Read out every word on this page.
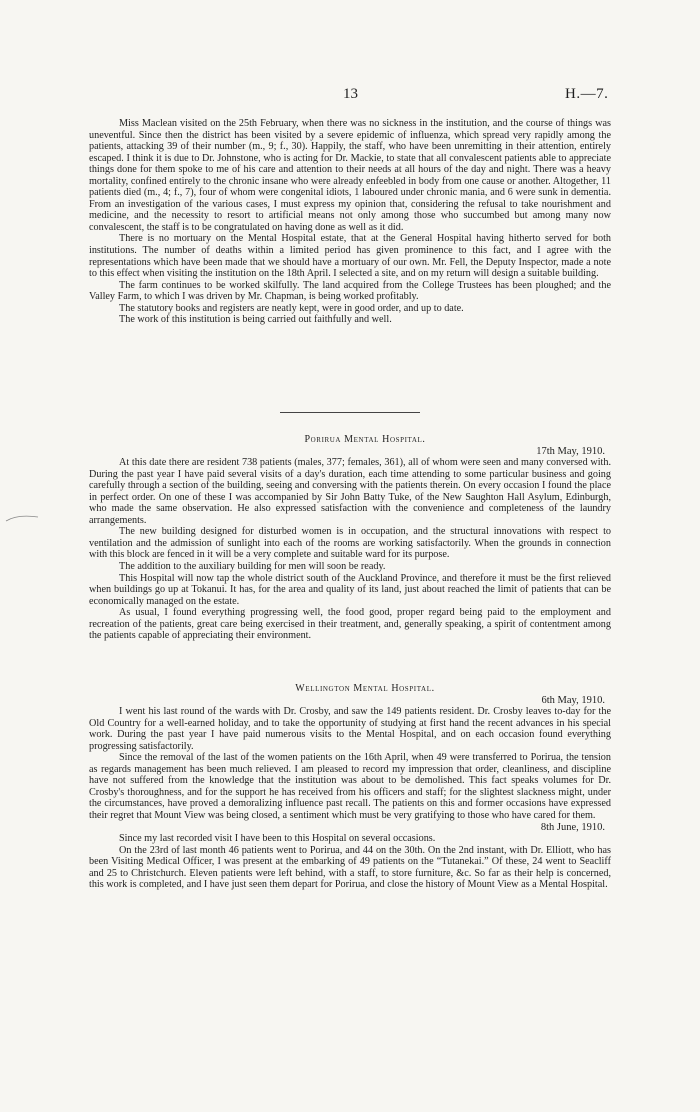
13	H.—7.

Miss Maclean visited on the 25th February, when there was no sickness in the institution, and the course of things was uneventful. Since then the district has been visited by a severe epidemic of influenza, which spread very rapidly among the patients, attacking 39 of their number (m., 9; f., 30). Happily, the staff, who have been unremitting in their attention, entirely escaped. I think it is due to Dr. Johnstone, who is acting for Dr. Mackie, to state that all convalescent patients able to appreciate things done for them spoke to me of his care and attention to their needs at all hours of the day and night. There was a heavy mortality, confined entirely to the chronic insane who were already enfeebled in body from one cause or another. Altogether, 11 patients died (m., 4; f., 7), four of whom were congenital idiots, 1 laboured under chronic mania, and 6 were sunk in dementia. From an investigation of the various cases, I must express my opinion that, considering the refusal to take nourishment and medicine, and the necessity to resort to artificial means not only among those who succumbed but among many now convalescent, the staff is to be congratulated on having done as well as it did.

There is no mortuary on the Mental Hospital estate, that at the General Hospital having hitherto served for both institutions. The number of deaths within a limited period has given prominence to this fact, and I agree with the representations which have been made that we should have a mortuary of our own. Mr. Fell, the Deputy Inspector, made a note to this effect when visiting the institution on the 18th April. I selected a site, and on my return will design a suitable building.

The farm continues to be worked skilfully. The land acquired from the College Trustees has been ploughed; and the Valley Farm, to which I was driven by Mr. Chapman, is being worked profitably.

The statutory books and registers are neatly kept, were in good order, and up to date.

The work of this institution is being carried out faithfully and well.

Porirua Mental Hospital.

17th May, 1910.

At this date there are resident 738 patients (males, 377; females, 361), all of whom were seen and many conversed with. During the past year I have paid several visits of a day's duration, each time attending to some particular business and going carefully through a section of the building, seeing and conversing with the patients therein. On every occasion I found the place in perfect order. On one of these I was accompanied by Sir John Batty Tuke, of the New Saughton Hall Asylum, Edinburgh, who made the same observation. He also expressed satisfaction with the convenience and completeness of the laundry arrangements.

The new building designed for disturbed women is in occupation, and the structural innovations with respect to ventilation and the admission of sunlight into each of the rooms are working satisfactorily. When the grounds in connection with this block are fenced in it will be a very complete and suitable ward for its purpose.

The addition to the auxiliary building for men will soon be ready.

This Hospital will now tap the whole district south of the Auckland Province, and therefore it must be the first relieved when buildings go up at Tokanui. It has, for the area and quality of its land, just about reached the limit of patients that can be economically managed on the estate.

As usual, I found everything progressing well, the food good, proper regard being paid to the employment and recreation of the patients, great care being exercised in their treatment, and, generally speaking, a spirit of contentment among the patients capable of appreciating their environment.

Wellington Mental Hospital.

6th May, 1910.

I went his last round of the wards with Dr. Crosby, and saw the 149 patients resident. Dr. Crosby leaves to-day for the Old Country for a well-earned holiday, and to take the opportunity of studying at first hand the recent advances in his special work. During the past year I have paid numerous visits to the Mental Hospital, and on each occasion found everything progressing satisfactorily.

Since the removal of the last of the women patients on the 16th April, when 49 were transferred to Porirua, the tension as regards management has been much relieved. I am pleased to record my impression that order, cleanliness, and discipline have not suffered from the knowledge that the institution was about to be demolished. This fact speaks volumes for Dr. Crosby's thoroughness, and for the support he has received from his officers and staff; for the slightest slackness might, under the circumstances, have proved a demoralizing influence past recall. The patients on this and former occasions have expressed their regret that Mount View was being closed, a sentiment which must be very gratifying to those who have cared for them.

8th June, 1910.

Since my last recorded visit I have been to this Hospital on several occasions.

On the 23rd of last month 46 patients went to Porirua, and 44 on the 30th. On the 2nd instant, with Dr. Elliott, who has been Visiting Medical Officer, I was present at the embarking of 49 patients on the “Tutanekai.” Of these, 24 went to Seacliff and 25 to Christchurch. Eleven patients were left behind, with a staff, to store furniture, &c. So far as their help is concerned, this work is completed, and I have just seen them depart for Porirua, and close the history of Mount View as a Mental Hospital.
